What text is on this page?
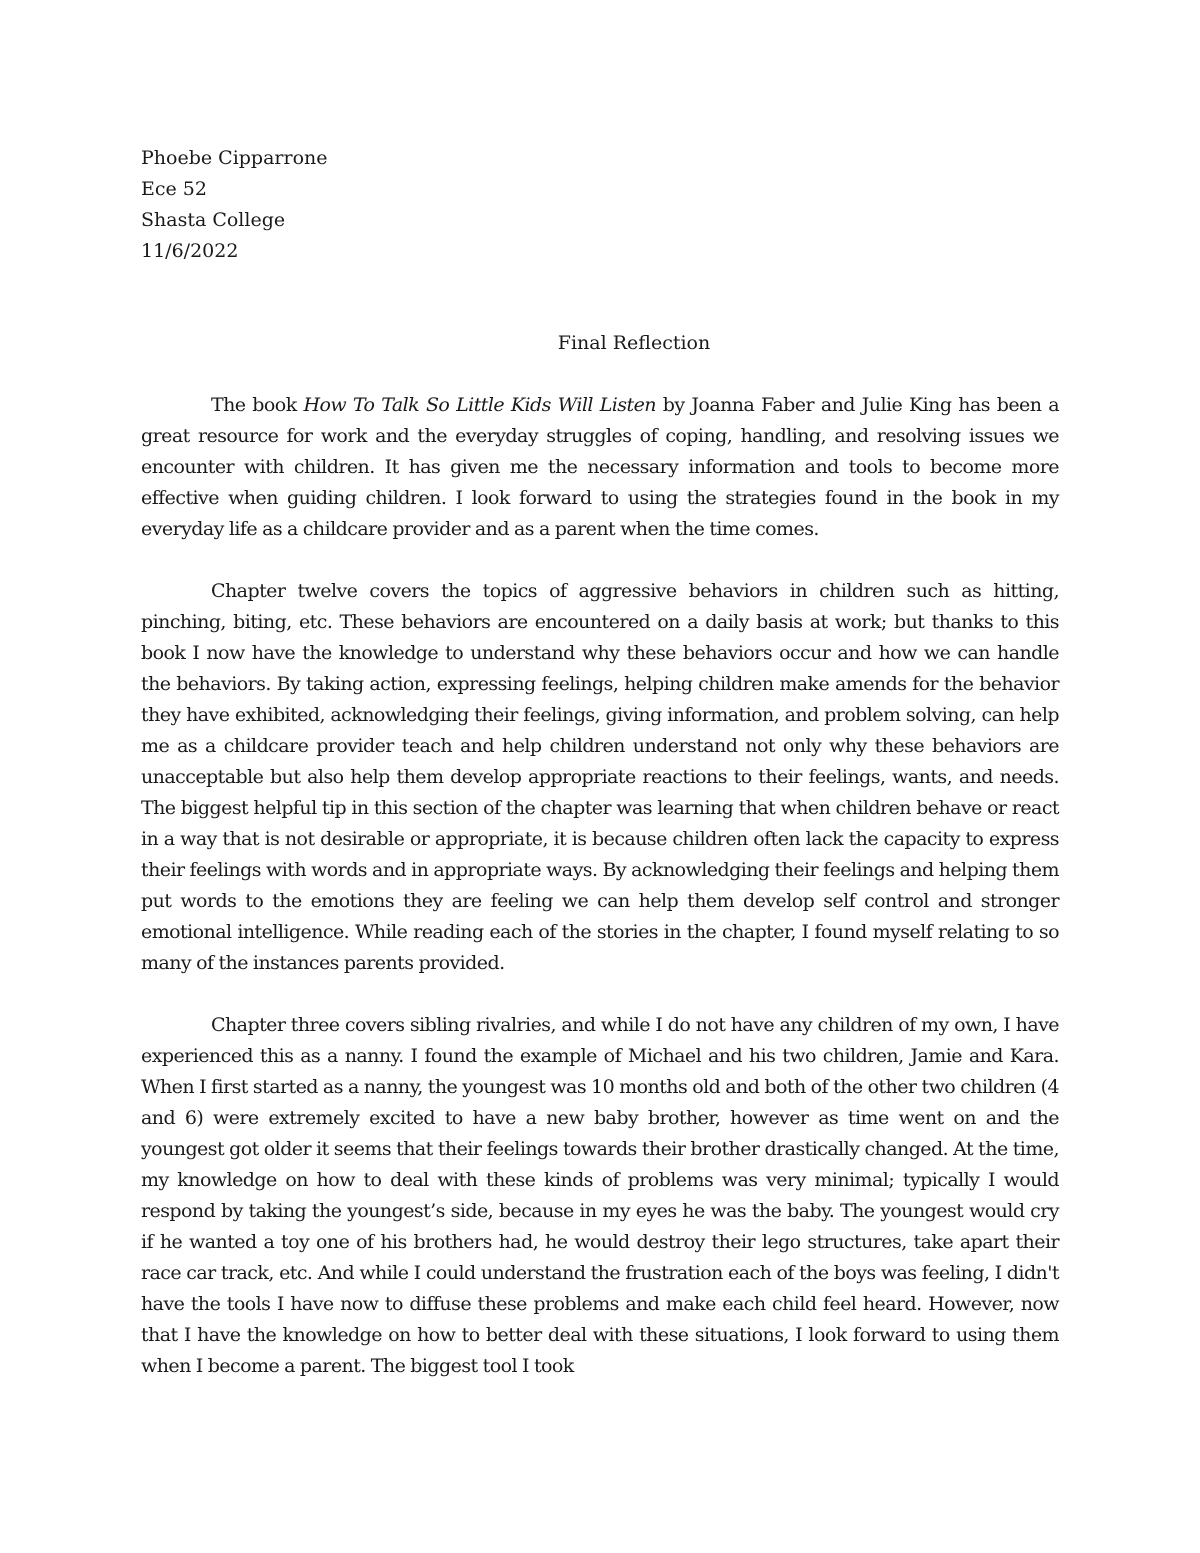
Phoebe Cipparrone
Ece 52
Shasta College
11/6/2022
Final Reflection

The book How To Talk So Little Kids Will Listen by Joanna Faber and Julie King has been a great resource for work and the everyday struggles of coping, handling, and resolving issues we encounter with children. It has given me the necessary information and tools to become more effective when guiding children. I look forward to using the strategies found in the book in my everyday life as a childcare provider and as a parent when the time comes.

Chapter twelve covers the topics of aggressive behaviors in children such as hitting, pinching, biting, etc. These behaviors are encountered on a daily basis at work; but thanks to this book I now have the knowledge to understand why these behaviors occur and how we can handle the behaviors. By taking action, expressing feelings, helping children make amends for the behavior they have exhibited, acknowledging their feelings, giving information, and problem solving, can help me as a childcare provider teach and help children understand not only why these behaviors are unacceptable but also help them develop appropriate reactions to their feelings, wants, and needs. The biggest helpful tip in this section of the chapter was learning that when children behave or react in a way that is not desirable or appropriate, it is because children often lack the capacity to express their feelings with words and in appropriate ways. By acknowledging their feelings and helping them put words to the emotions they are feeling we can help them develop self control and stronger emotional intelligence. While reading each of the stories in the chapter, I found myself relating to so many of the instances parents provided.

Chapter three covers sibling rivalries, and while I do not have any children of my own, I have experienced this as a nanny. I found the example of Michael and his two children, Jamie and Kara. When I first started as a nanny, the youngest was 10 months old and both of the other two children (4 and 6) were extremely excited to have a new baby brother, however as time went on and the youngest got older it seems that their feelings towards their brother drastically changed. At the time, my knowledge on how to deal with these kinds of problems was very minimal; typically I would respond by taking the youngest’s side, because in my eyes he was the baby. The youngest would cry if he wanted a toy one of his brothers had, he would destroy their lego structures, take apart their race car track, etc. And while I could understand the frustration each of the boys was feeling, I didn't have the tools I have now to diffuse these problems and make each child feel heard. However, now that I have the knowledge on how to better deal with these situations, I look forward to using them when I become a parent. The biggest tool I took
